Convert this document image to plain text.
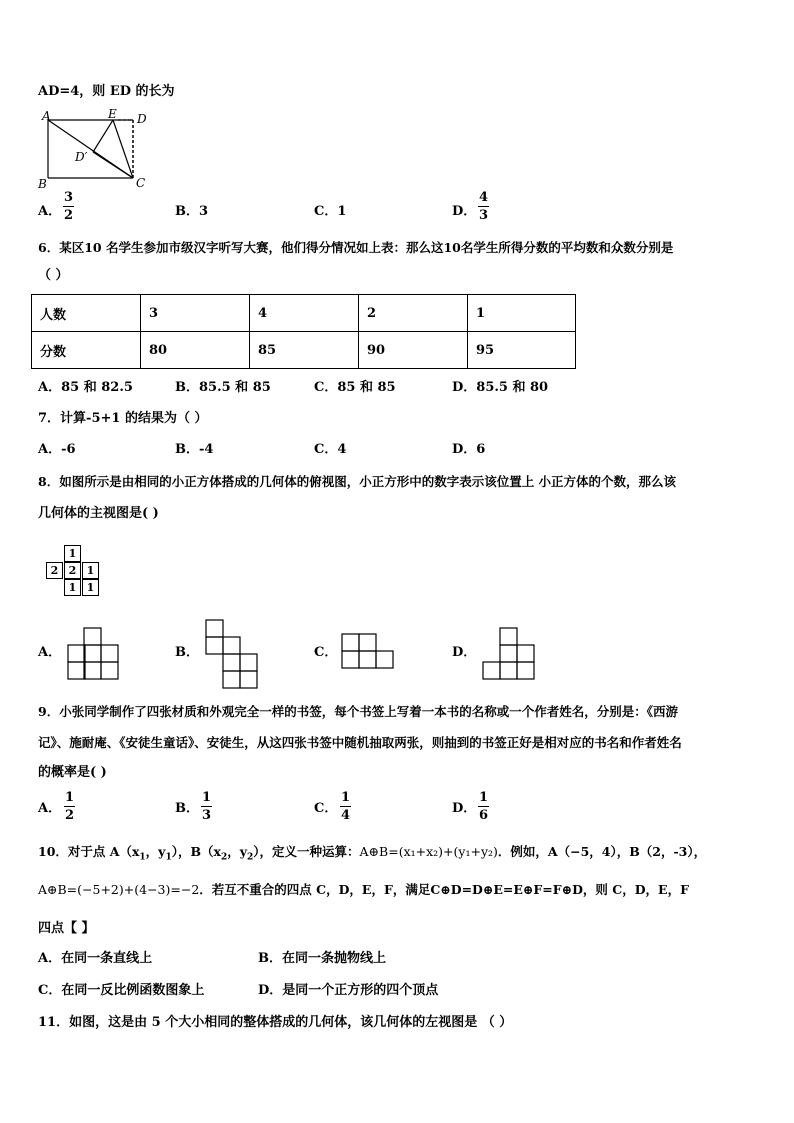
AD=4，则 ED 的长为
A	E D
D′
B	C
A．
3
2	B．3	C．1	D．
4
3
6．某区10 名学生参加市级汉字听写大赛，他们得分情况如上表：那么这10名学生所得分数的平均数和众数分别是
（ ）
人数	3	4	2	1
分数	80	85	90	95
A．85 和 82.5	B．85.5 和 85	C．85 和 85	D．85.5 和 80
7．计算-5+1 的结果为（ ）
A．-6	B．-4	C．4	D．6
8．如图所示是由相同的小正方体搭成的几何体的俯视图，小正方形中的数字表示该位置上 小正方体的个数，那么该
几何体的主视图是( )
1
2 2 1
1 1
A．	B．	C．	D．
9．小张同学制作了四张材质和外观完全一样的书签，每个书签上写着一本书的名称或一个作者姓名，分别是：《西游
记》、施耐庵、《安徒生童话》、安徒生，从这四张书签中随机抽取两张，则抽到的书签正好是相对应的书名和作者姓名
的概率是( )
A．
1
2	B．
1
3	C．
1
4	D．
1
6
10．对于点 $A(x_1$，$y_1$），$B(x_2$，$y_2$），定义一种运算：A⊕B=(x₁+x₂)+(y₁+y₂)．例如，A（−5，4），B（2，-3），
A⊕B=(−5+2)+(4−3)=−2．若互不重合的四点 C，D，E，F，满足C⊕D=D⊕E=E⊕F=F⊕D，则 C，D，E，F
四点【 】
A．在同一条直线上	B．在同一条抛物线上
C．在同一反比例函数图象上	D．是同一个正方形的四个顶点
11．如图，这是由 5 个大小相同的整体搭成的几何体，该几何体的左视图是 （ ）
